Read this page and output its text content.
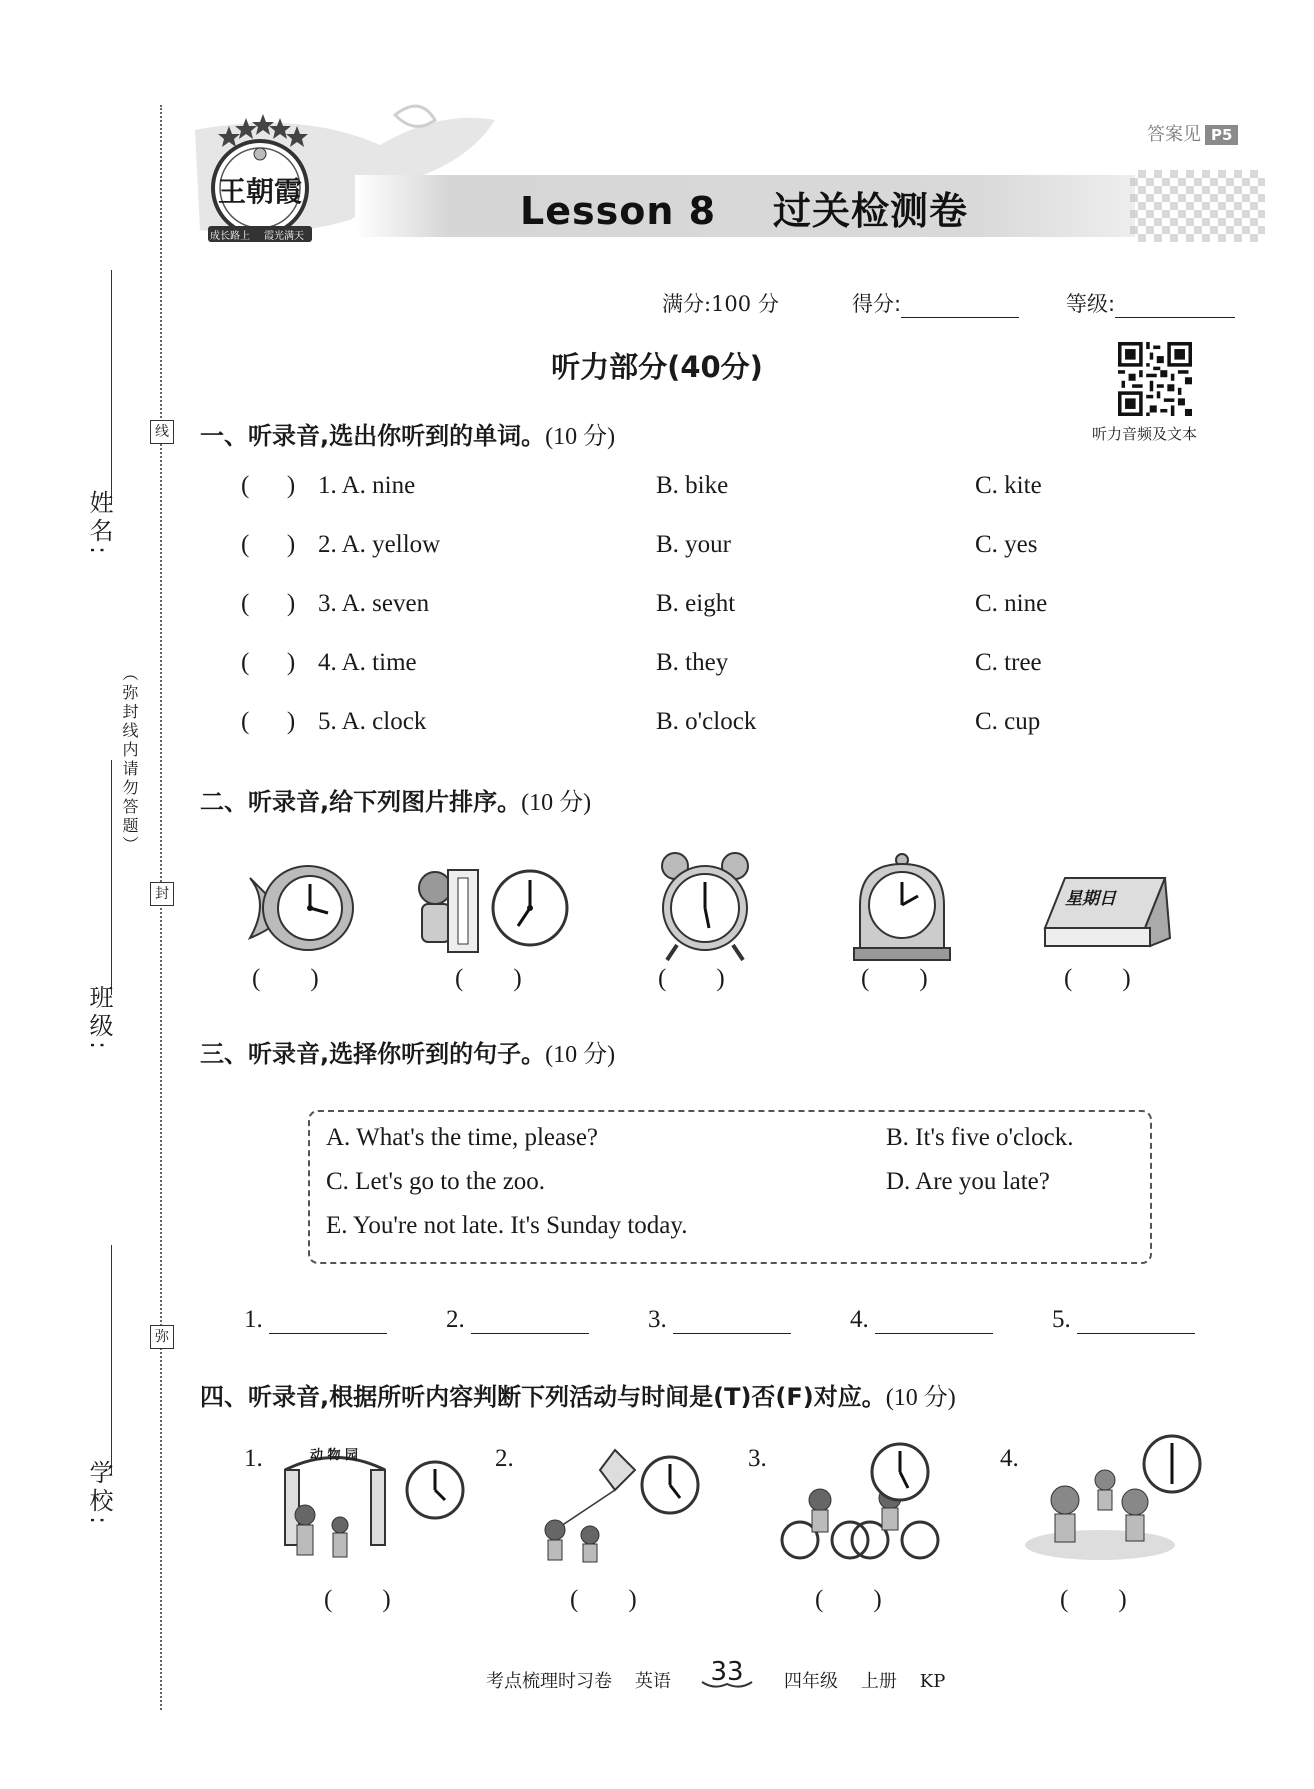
线
封
弥
（弥封线内请勿答题）
姓名:
班级:
学校:
王朝霞
成长路上 霞光满天
答案见 P5
Lesson 8    过关检测卷
满分:100 分	得分:	等级:
听力部分(40分)
听力音频及文本
一、听录音,选出你听到的单词。(10 分)
(      ) 1. A. nine	B. bike	C. kite
(      ) 2. A. yellow	B. your	C. yes
(      ) 3. A. seven	B. eight	C. nine
(      ) 4. A. time	B. they	C. tree
(      ) 5. A. clock	B. o'clock	C. cup
二、听录音,给下列图片排序。(10 分)
星期日
(        )	(        )	(        )	(        )	(        )
三、听录音,选择你听到的句子。(10 分)
A. What's the time, please?	B. It's five o'clock.
C. Let's go to the zoo.	D. Are you late?
E. You're not late. It's Sunday today.
1.	2.	3.	4.	5.
四、听录音,根据所听内容判断下列活动与时间是(T)否(F)对应。(10 分)
1.	2.	3.	4.
动 物 园
(        )	(        )	(        )	(        )
考点梳理时习卷    英语	33	四年级    上册    KP
